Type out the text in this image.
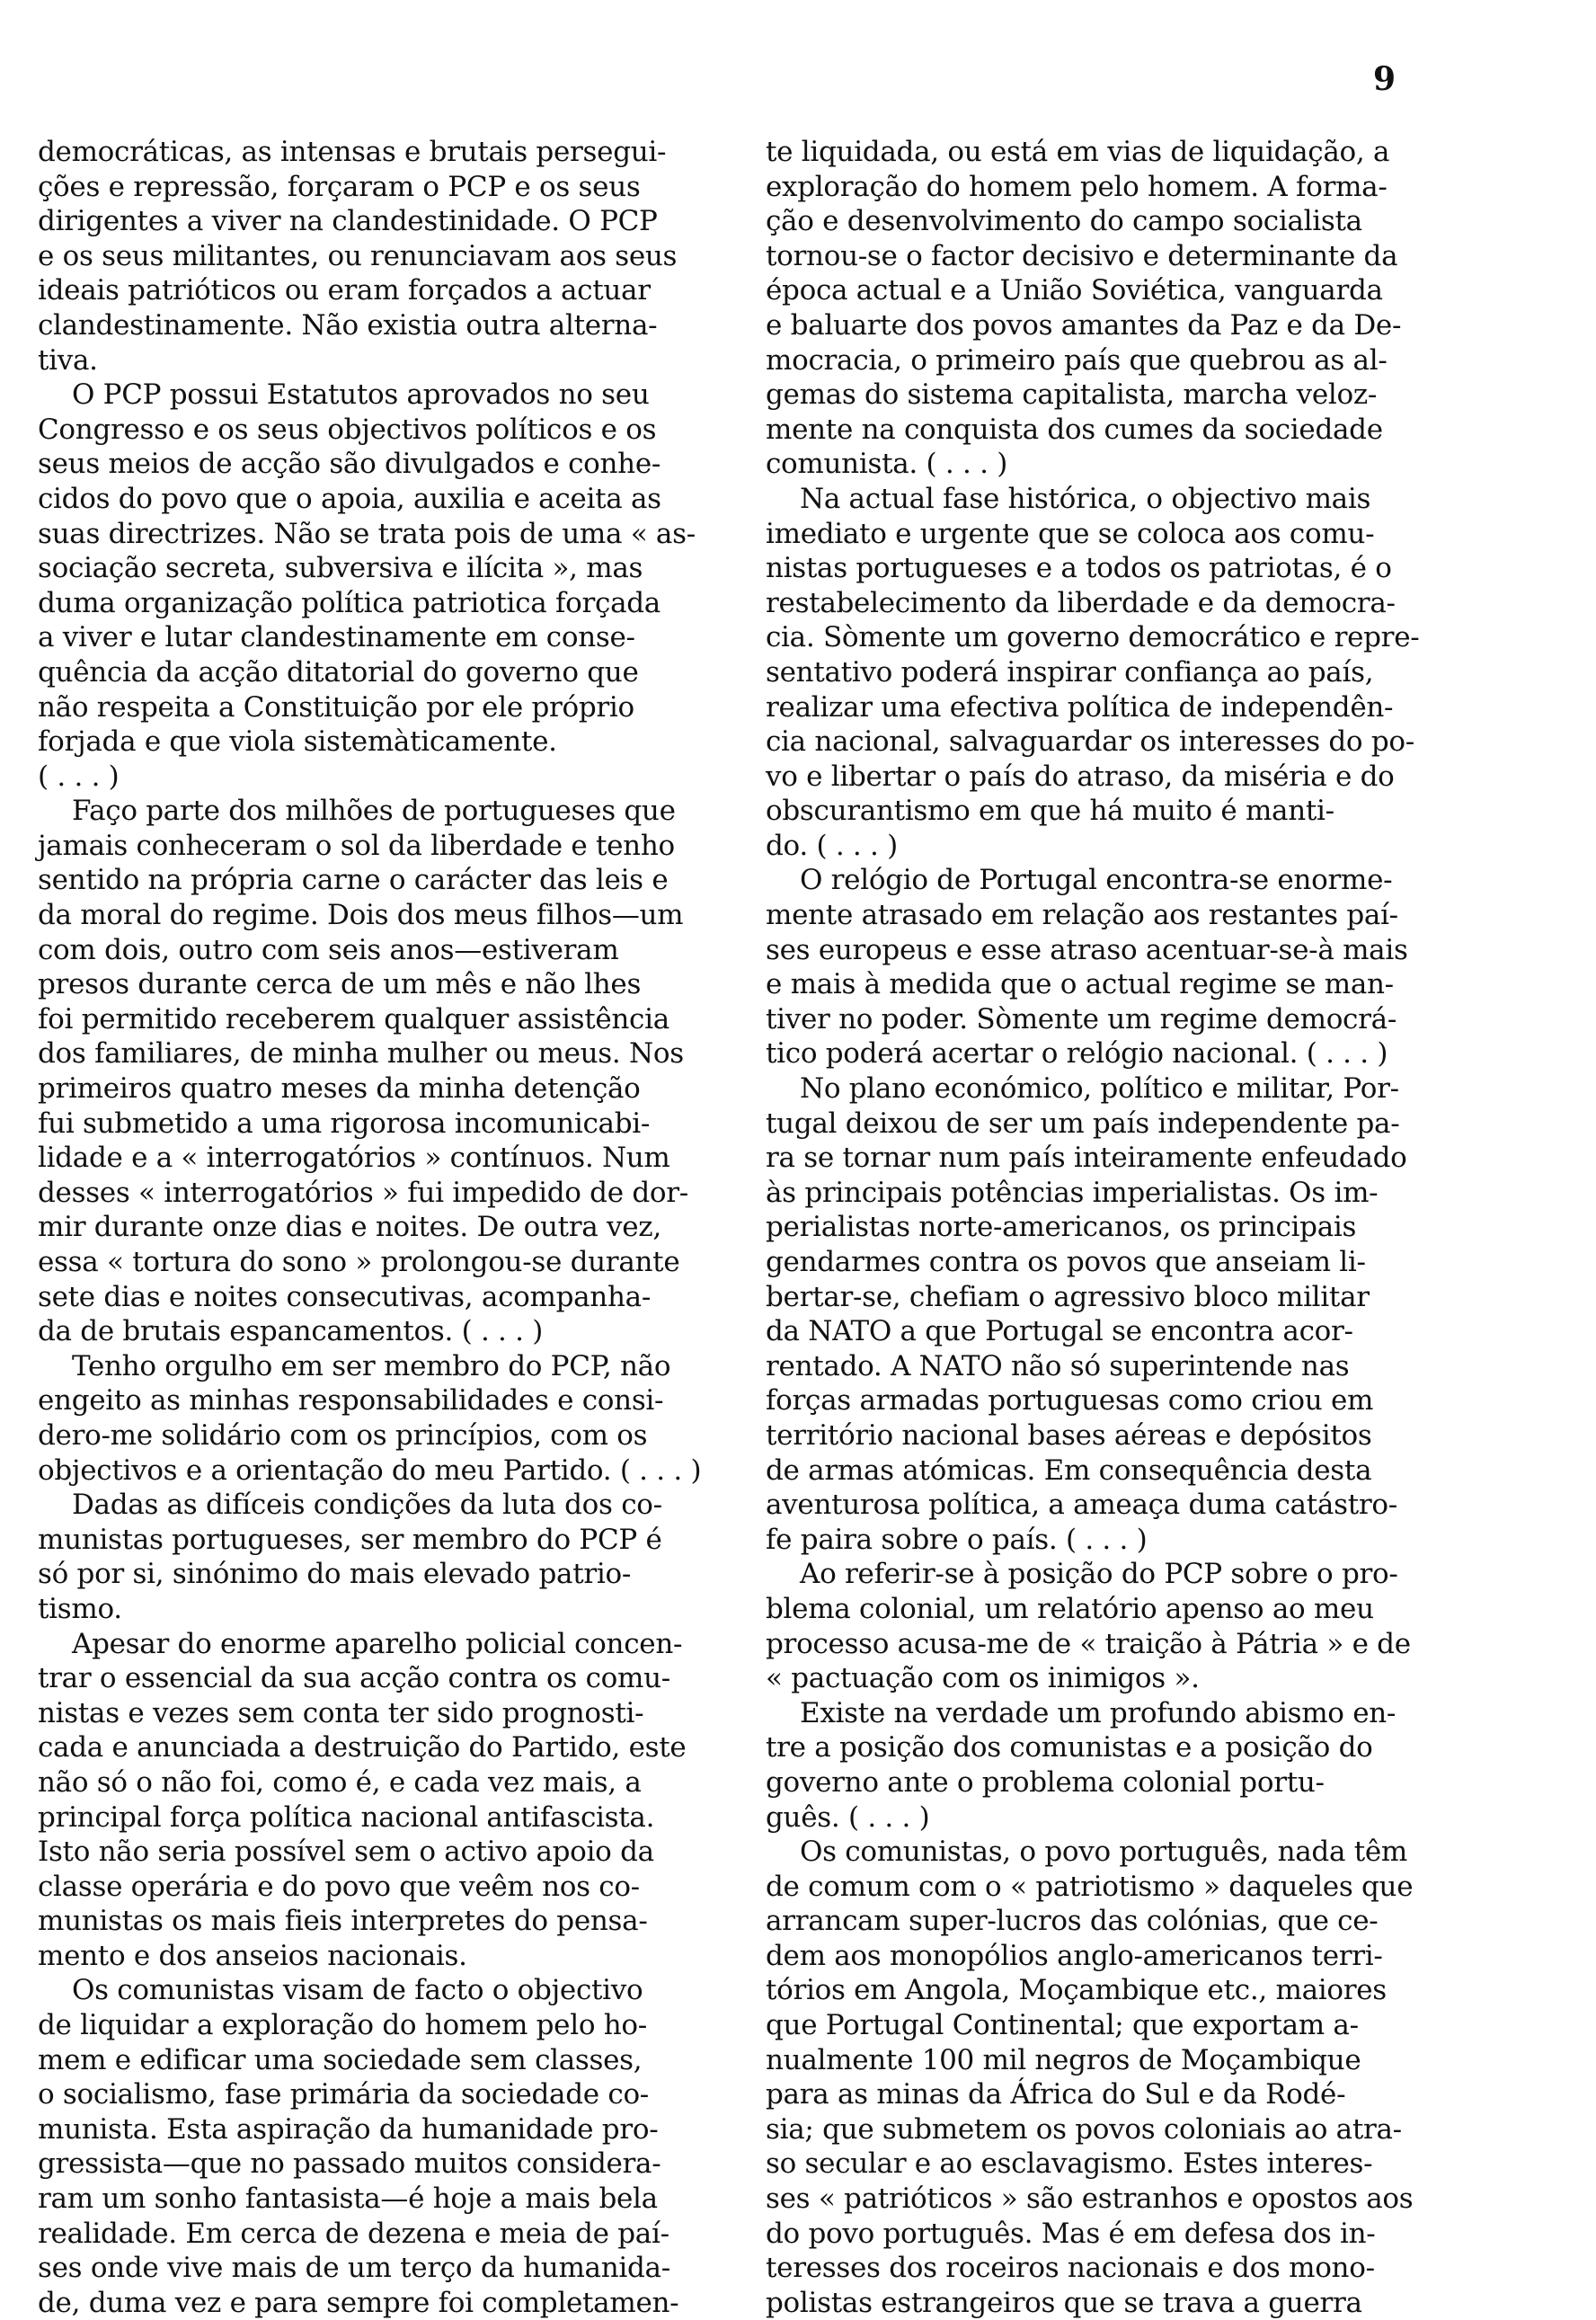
9

democráticas, as intensas e brutais persegui-
ções e repressão, forçaram o PCP e os seus
dirigentes a viver na clandestinidade. O PCP
e os seus militantes, ou renunciavam aos seus
ideais patrióticos ou eram forçados a actuar
clandestinamente. Não existia outra alterna-
tiva.

O PCP possui Estatutos aprovados no seu
Congresso e os seus objectivos políticos e os
seus meios de acção são divulgados e conhe-
cidos do povo que o apoia, auxilia e aceita as
suas directrizes. Não se trata pois de uma « as-
sociação secreta, subversiva e ilícita », mas
duma organização política patriotica forçada
a viver e lutar clandestinamente em conse-
quência da acção ditatorial do governo que
não respeita a Constituição por ele próprio
forjada e que viola sistemàticamente.
( . . . )

Faço parte dos milhões de portugueses que
jamais conheceram o sol da liberdade e tenho
sentido na própria carne o carácter das leis e
da moral do regime. Dois dos meus filhos—um
com dois, outro com seis anos—estiveram
presos durante cerca de um mês e não lhes
foi permitido receberem qualquer assistência
dos familiares, de minha mulher ou meus. Nos
primeiros quatro meses da minha detenção
fui submetido a uma rigorosa incomunicabi-
lidade e a « interrogatórios » contínuos. Num
desses « interrogatórios » fui impedido de dor-
mir durante onze dias e noites. De outra vez,
essa « tortura do sono » prolongou-se durante
sete dias e noites consecutivas, acompanha-
da de brutais espancamentos. ( . . . )

Tenho orgulho em ser membro do PCP, não
engeito as minhas responsabilidades e consi-
dero-me solidário com os princípios, com os
objectivos e a orientação do meu Partido. ( . . . )

Dadas as difíceis condições da luta dos co-
munistas portugueses, ser membro do PCP é
só por si, sinónimo do mais elevado patrio-
tismo.

Apesar do enorme aparelho policial concen-
trar o essencial da sua acção contra os comu-
nistas e vezes sem conta ter sido prognosti-
cada e anunciada a destruição do Partido, este
não só o não foi, como é, e cada vez mais, a
principal força política nacional antifascista.
Isto não seria possível sem o activo apoio da
classe operária e do povo que veêm nos co-
munistas os mais fieis interpretes do pensa-
mento e dos anseios nacionais.

Os comunistas visam de facto o objectivo
de liquidar a exploração do homem pelo ho-
mem e edificar uma sociedade sem classes,
o socialismo, fase primária da sociedade co-
munista. Esta aspiração da humanidade pro-
gressista—que no passado muitos considera-
ram um sonho fantasista—é hoje a mais bela
realidade. Em cerca de dezena e meia de paí-
ses onde vive mais de um terço da humanida-
de, duma vez e para sempre foi completamen-

te liquidada, ou está em vias de liquidação, a
exploração do homem pelo homem. A forma-
ção e desenvolvimento do campo socialista
tornou-se o factor decisivo e determinante da
época actual e a União Soviética, vanguarda
e baluarte dos povos amantes da Paz e da De-
mocracia, o primeiro país que quebrou as al-
gemas do sistema capitalista, marcha veloz-
mente na conquista dos cumes da sociedade
comunista. ( . . . )

Na actual fase histórica, o objectivo mais
imediato e urgente que se coloca aos comu-
nistas portugueses e a todos os patriotas, é o
restabelecimento da liberdade e da democra-
cia. Sòmente um governo democrático e repre-
sentativo poderá inspirar confiança ao país,
realizar uma efectiva política de independên-
cia nacional, salvaguardar os interesses do po-
vo e libertar o país do atraso, da miséria e do
obscurantismo em que há muito é manti-
do. ( . . . )

O relógio de Portugal encontra-se enorme-
mente atrasado em relação aos restantes paí-
ses europeus e esse atraso acentuar-se-à mais
e mais à medida que o actual regime se man-
tiver no poder. Sòmente um regime democrá-
tico poderá acertar o relógio nacional. ( . . . )

No plano económico, político e militar, Por-
tugal deixou de ser um país independente pa-
ra se tornar num país inteiramente enfeudado
às principais potências imperialistas. Os im-
perialistas norte-americanos, os principais
gendarmes contra os povos que anseiam li-
bertar-se, chefiam o agressivo bloco militar
da NATO a que Portugal se encontra acor-
rentado. A NATO não só superintende nas
forças armadas portuguesas como criou em
território nacional bases aéreas e depósitos
de armas atómicas. Em consequência desta
aventurosa política, a ameaça duma catástro-
fe paira sobre o país. ( . . . )

Ao referir-se à posição do PCP sobre o pro-
blema colonial, um relatório apenso ao meu
processo acusa-me de « traição à Pátria » e de
« pactuação com os inimigos ».

Existe na verdade um profundo abismo en-
tre a posição dos comunistas e a posição do
governo ante o problema colonial portu-
guês. ( . . . )

Os comunistas, o povo português, nada têm
de comum com o « patriotismo » daqueles que
arrancam super-lucros das colónias, que ce-
dem aos monopólios anglo-americanos terri-
tórios em Angola, Moçambique etc., maiores
que Portugal Continental; que exportam a-
nualmente 100 mil negros de Moçambique
para as minas da África do Sul e da Rodé-
sia; que submetem os povos coloniais ao atra-
so secular e ao esclavagismo. Estes interes-
ses « patrióticos » são estranhos e opostos aos
do povo português. Mas é em defesa dos in-
teresses dos roceiros nacionais e dos mono-
polistas estrangeiros que se trava a guerra
